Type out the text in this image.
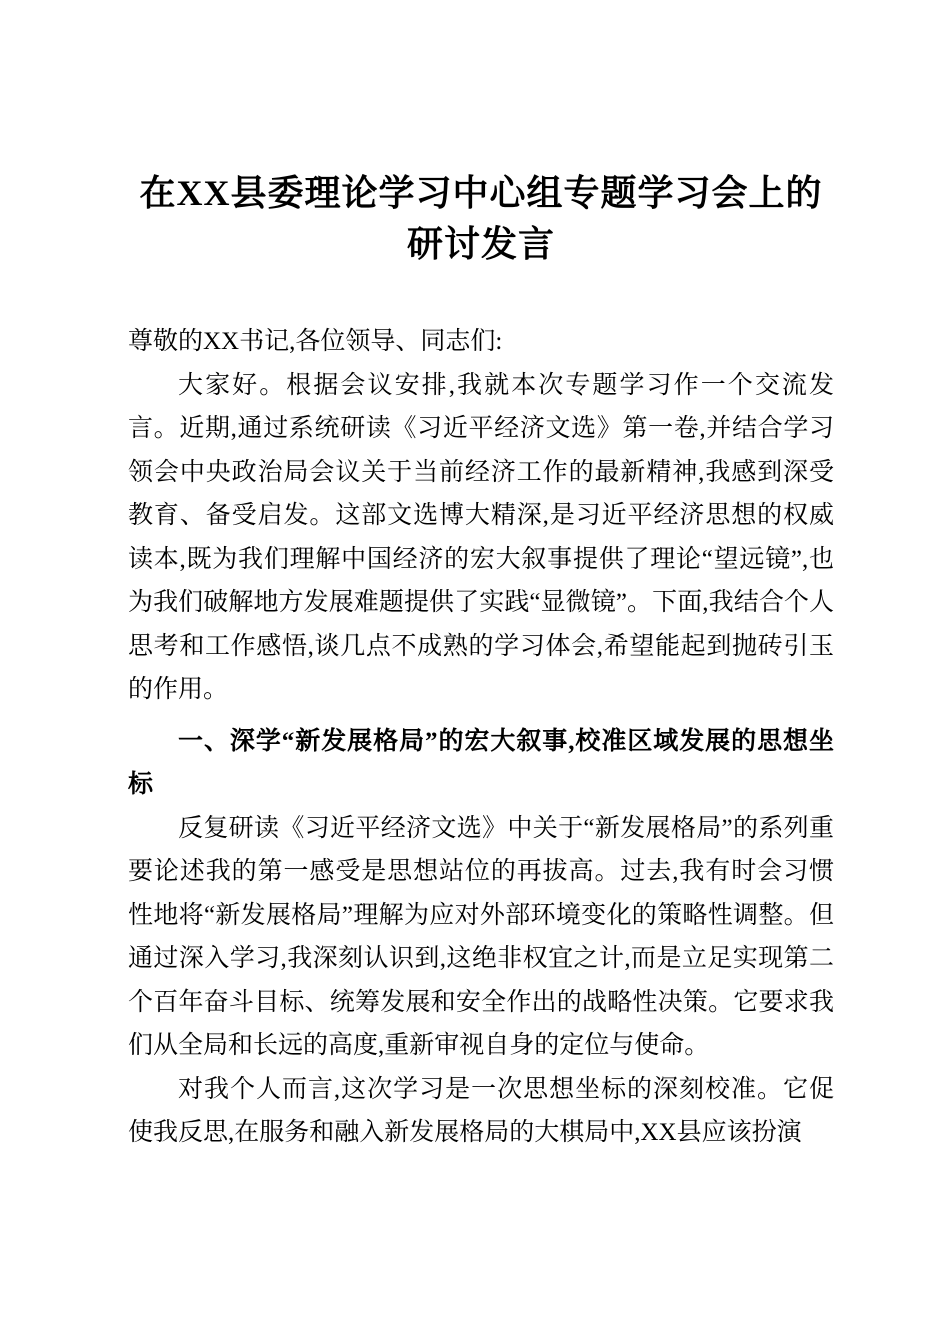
在XX县委理论学习中心组专题学习会上的研讨发言

尊敬的XX书记,各位领导、同志们:

大家好。根据会议安排,我就本次专题学习作一个交流发言。近期,通过系统研读《习近平经济文选》第一卷,并结合学习领会中央政治局会议关于当前经济工作的最新精神,我感到深受教育、备受启发。这部文选博大精深,是习近平经济思想的权威读本,既为我们理解中国经济的宏大叙事提供了理论“望远镜”,也为我们破解地方发展难题提供了实践“显微镜”。下面,我结合个人思考和工作感悟,谈几点不成熟的学习体会,希望能起到抛砖引玉的作用。

一、深学“新发展格局”的宏大叙事,校准区域发展的思想坐标

反复研读《习近平经济文选》中关于“新发展格局”的系列重要论述我的第一感受是思想站位的再拔高。过去,我有时会习惯性地将“新发展格局”理解为应对外部环境变化的策略性调整。但通过深入学习,我深刻认识到,这绝非权宜之计,而是立足实现第二个百年奋斗目标、统筹发展和安全作出的战略性决策。它要求我们从全局和长远的高度,重新审视自身的定位与使命。

对我个人而言,这次学习是一次思想坐标的深刻校准。它促使我反思,在服务和融入新发展格局的大棋局中,XX县应该扮演
